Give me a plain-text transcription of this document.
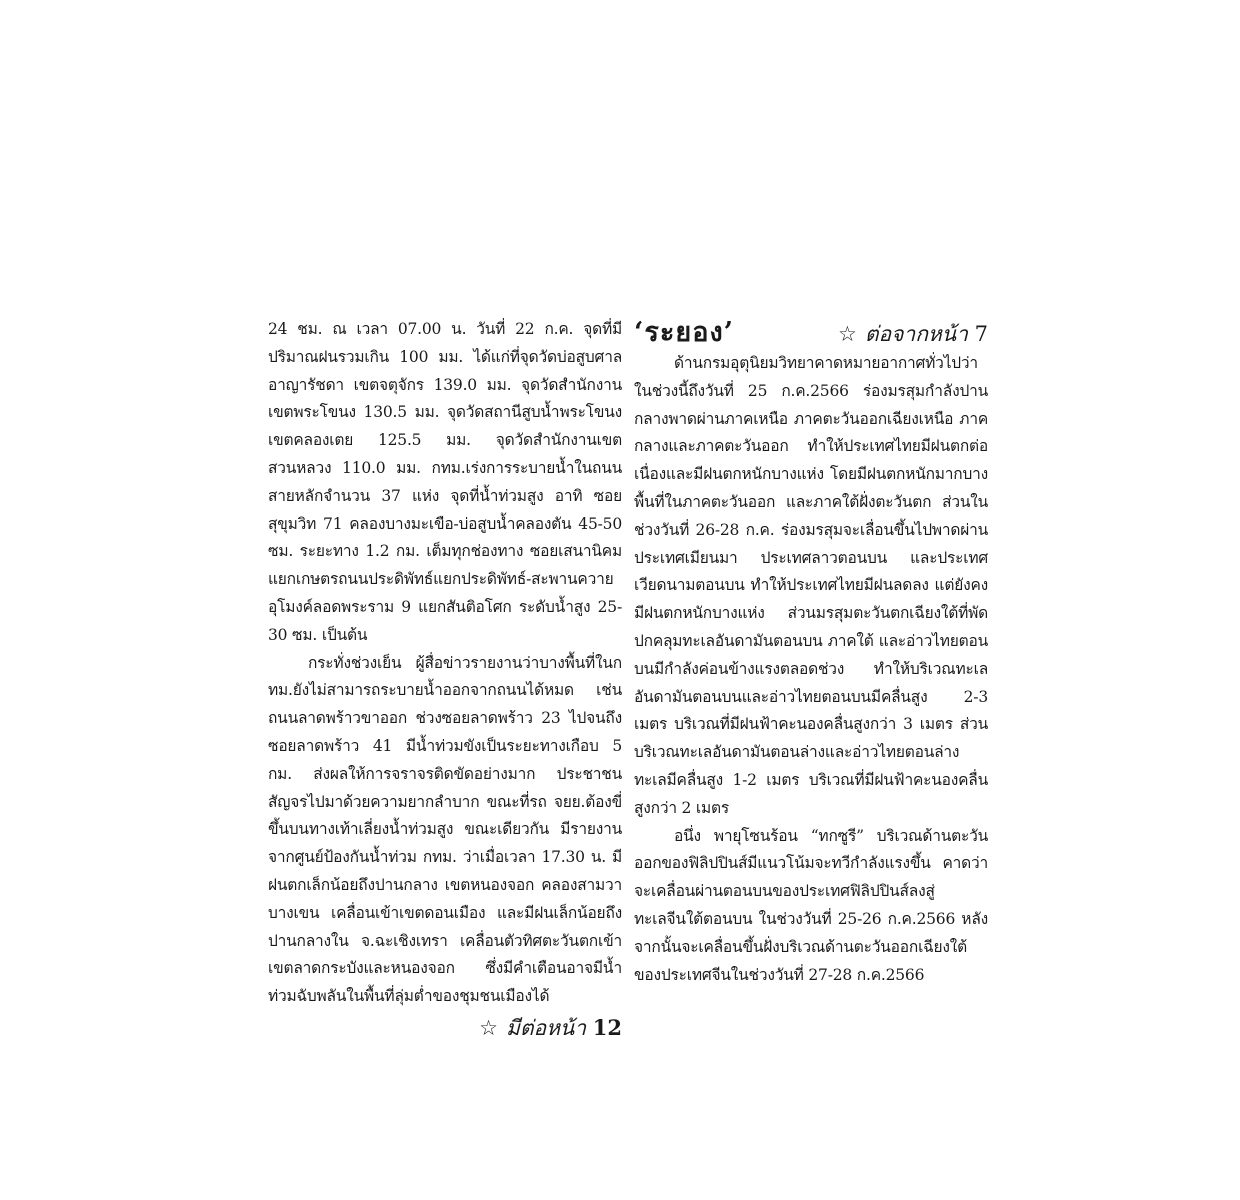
24 ชม. ณ เวลา 07.00 น. วันที่ 22 ก.ค. จุดที่มีปริมาณฝนรวมเกิน 100 มม. ได้แก่ที่จุดวัดบ่อสูบศาลอาญารัชดา เขตจตุจักร 139.0 มม. จุดวัดสำนักงานเขตพระโขนง 130.5 มม. จุดวัดสถานีสูบน้ำพระโขนง เขตคลองเตย 125.5 มม. จุดวัดสำนักงานเขตสวนหลวง 110.0 มม. กทม.เร่งการระบายน้ำในถนนสายหลักจำนวน 37 แห่ง จุดที่น้ำท่วมสูง อาทิ ซอยสุขุมวิท 71 คลองบางมะเขือ-บ่อสูบน้ำคลองตัน 45-50 ซม. ระยะทาง 1.2 กม. เต็มทุกช่องทาง ซอยเสนานิคมแยกเกษตรถนนประดิพัทธ์แยกประดิพัทธ์-สะพานควาย อุโมงค์ลอดพระราม 9 แยกสันติอโศก ระดับน้ำสูง 25-30 ซม. เป็นต้น

กระทั่งช่วงเย็น ผู้สื่อข่าวรายงานว่าบางพื้นที่ในกทม.ยังไม่สามารถระบายน้ำออกจากถนนได้หมด เช่น ถนนลาดพร้าวขาออก ช่วงซอยลาดพร้าว 23 ไปจนถึงซอยลาดพร้าว 41 มีน้ำท่วมขังเป็นระยะทางเกือบ 5 กม. ส่งผลให้การจราจรติดขัดอย่างมาก ประชาชนสัญจรไปมาด้วยความยากลำบาก ขณะที่รถ จยย.ต้องขี่ขึ้นบนทางเท้าเลี่ยงน้ำท่วมสูง ขณะเดียวกัน มีรายงานจากศูนย์ป้องกันน้ำท่วม กทม. ว่าเมื่อเวลา 17.30 น. มีฝนตกเล็กน้อยถึงปานกลาง เขตหนองจอก คลองสามวา บางเขน เคลื่อนเข้าเขตดอนเมือง และมีฝนเล็กน้อยถึงปานกลางใน จ.ฉะเชิงเทรา เคลื่อนตัวทิศตะวันตกเข้าเขตลาดกระบังและหนองจอก ซึ่งมีคำเตือนอาจมีน้ำท่วมฉับพลันในพื้นที่ลุ่มต่ำของชุมชนเมืองได้

☆ มีต่อหน้า 12
‘ระยอง’	☆ ต่อจากหน้า 7

ด้านกรมอุตุนิยมวิทยาคาดหมายอากาศทั่วไปว่าในช่วงนี้ถึงวันที่ 25 ก.ค.2566 ร่องมรสุมกำลังปานกลางพาดผ่านภาคเหนือ ภาคตะวันออกเฉียงเหนือ ภาคกลางและภาคตะวันออก ทำให้ประเทศไทยมีฝนตกต่อเนื่องและมีฝนตกหนักบางแห่ง โดยมีฝนตกหนักมากบางพื้นที่ในภาคตะวันออก และภาคใต้ฝั่งตะวันตก ส่วนในช่วงวันที่ 26-28 ก.ค. ร่องมรสุมจะเลื่อนขึ้นไปพาดผ่านประเทศเมียนมา ประเทศลาวตอนบน และประเทศเวียดนามตอนบน ทำให้ประเทศไทยมีฝนลดลง แต่ยังคงมีฝนตกหนักบางแห่ง ส่วนมรสุมตะวันตกเฉียงใต้ที่พัดปกคลุมทะเลอันดามันตอนบน ภาคใต้ และอ่าวไทยตอนบนมีกำลังค่อนข้างแรงตลอดช่วง ทำให้บริเวณทะเลอันดามันตอนบนและอ่าวไทยตอนบนมีคลื่นสูง 2-3 เมตร บริเวณที่มีฝนฟ้าคะนองคลื่นสูงกว่า 3 เมตร ส่วนบริเวณทะเลอันดามันตอนล่างและอ่าวไทยตอนล่าง ทะเลมีคลื่นสูง 1-2 เมตร บริเวณที่มีฝนฟ้าคะนองคลื่นสูงกว่า 2 เมตร

อนึ่ง พายุโซนร้อน “ทกซูรี” บริเวณด้านตะวันออกของฟิลิปปินส์มีแนวโน้มจะทวีกำลังแรงขึ้น คาดว่าจะเคลื่อนผ่านตอนบนของประเทศฟิลิปปินส์ลงสู่ทะเลจีนใต้ตอนบน ในช่วงวันที่ 25-26 ก.ค.2566 หลังจากนั้นจะเคลื่อนขึ้นฝั่งบริเวณด้านตะวันออกเฉียงใต้ของประเทศจีนในช่วงวันที่ 27-28 ก.ค.2566
